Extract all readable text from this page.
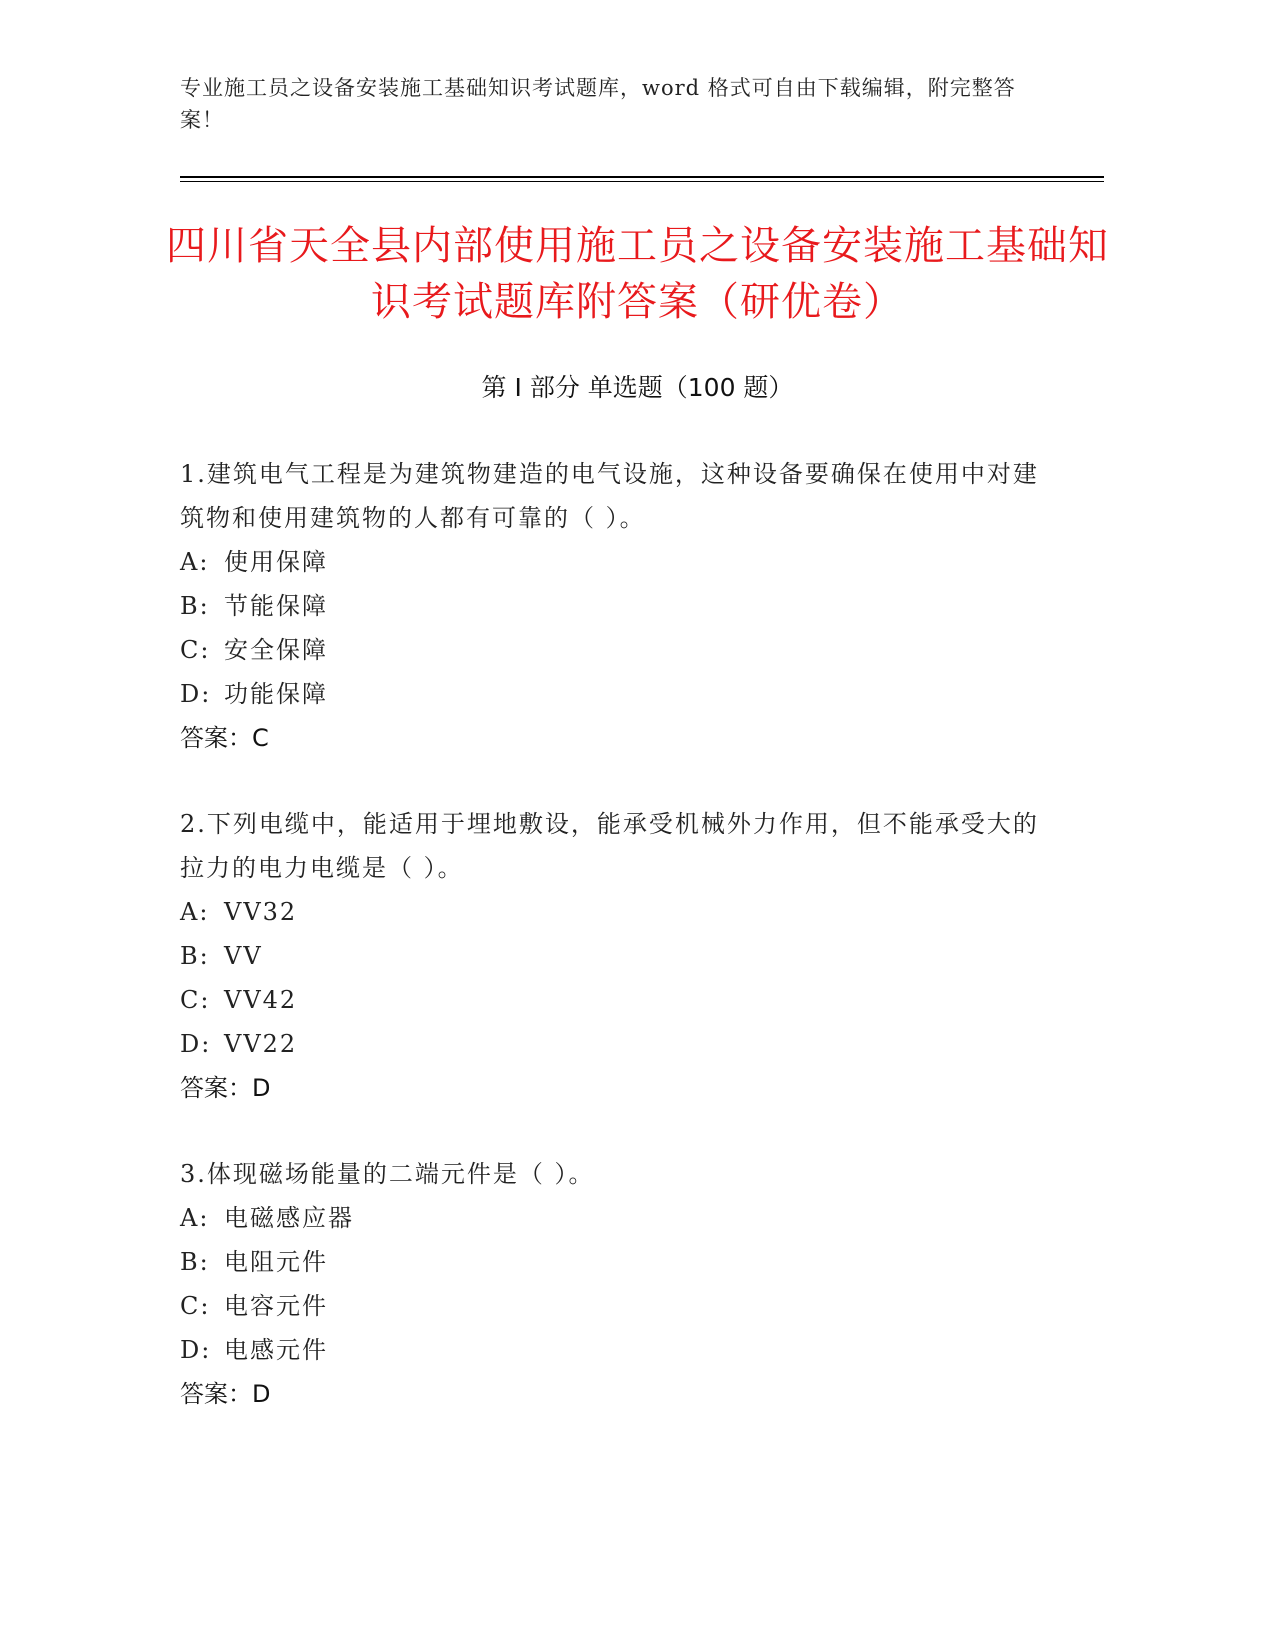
专业施工员之设备安装施工基础知识考试题库，word 格式可自由下载编辑，附完整答案！
四川省天全县内部使用施工员之设备安装施工基础知识考试题库附答案（研优卷）
第 I 部分 单选题（100 题）
1.建筑电气工程是为建筑物建造的电气设施，这种设备要确保在使用中对建筑物和使用建筑物的人都有可靠的（ ）。
A: 使用保障
B: 节能保障
C: 安全保障
D: 功能保障
答案：C
2.下列电缆中，能适用于埋地敷设，能承受机械外力作用，但不能承受大的拉力的电力电缆是（ ）。
A: VV32
B: VV
C: VV42
D: VV22
答案：D
3.体现磁场能量的二端元件是（ ）。
A: 电磁感应器
B: 电阻元件
C: 电容元件
D: 电感元件
答案：D
